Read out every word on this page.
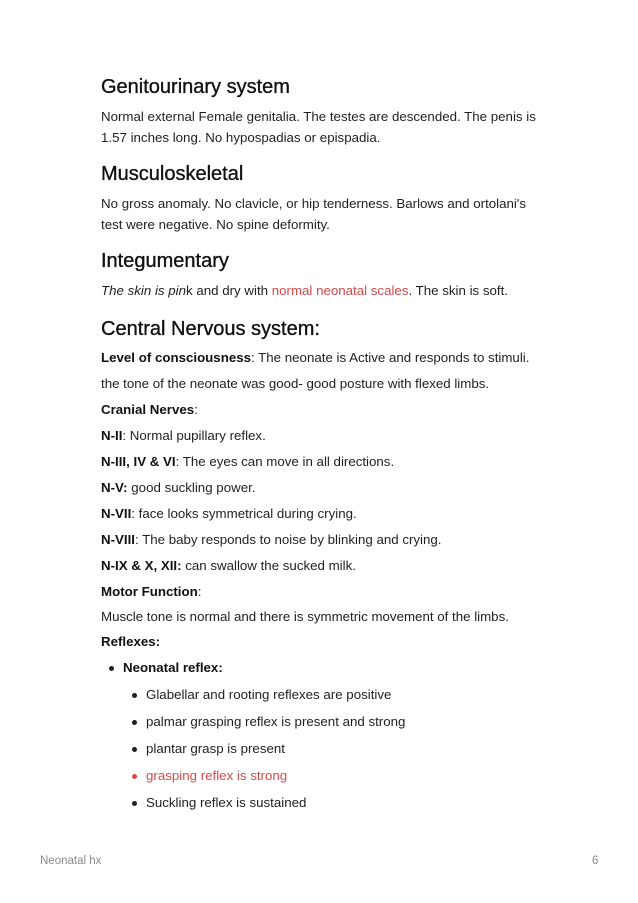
Genitourinary system

Normal external Female genitalia. The testes are descended. The penis is

1.57 inches long. No hypospadias or epispadia.

Musculoskeletal

No gross anomaly. No clavicle, or hip tenderness. Barlows and ortolani's

test were negative. No spine deformity.

Integumentary

The skin is pink and dry with normal neonatal scales. The skin is soft.

Central Nervous system:

Level of consciousness: The neonate is Active and responds to stimuli.

the tone of the neonate was good- good posture with flexed limbs.

Cranial Nerves:

N-II: Normal pupillary reflex.

N-III, IV & VI: The eyes can move in all directions.

N-V: good suckling power.

N-VII: face looks symmetrical during crying.

N-VIII: The baby responds to noise by blinking and crying.

N-IX & X, XII: can swallow the sucked milk.

Motor Function:

Muscle tone is normal and there is symmetric movement of the limbs.

Reflexes:

Neonatal reflex:
Glabellar and rooting reflexes are positive
palmar grasping reflex is present and strong
plantar grasp is present
grasping reflex is strong
Suckling reflex is sustained
Neonatal hx	6
